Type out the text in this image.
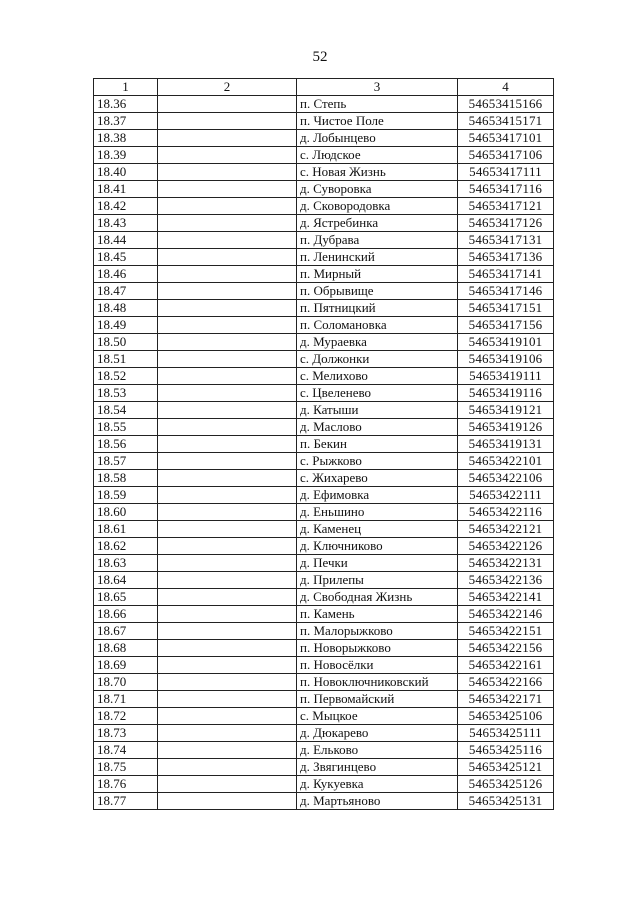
52
1	2	3	4
18.36		п. Степь	54653415166
18.37		п. Чистое Поле	54653415171
18.38		д. Лобынцево	54653417101
18.39		с. Людское	54653417106
18.40		с. Новая Жизнь	54653417111
18.41		д. Суворовка	54653417116
18.42		д. Сковородовка	54653417121
18.43		д. Ястребинка	54653417126
18.44		п. Дубрава	54653417131
18.45		п. Ленинский	54653417136
18.46		п. Мирный	54653417141
18.47		п. Обрывище	54653417146
18.48		п. Пятницкий	54653417151
18.49		п. Соломановка	54653417156
18.50		д. Мураевка	54653419101
18.51		с. Должонки	54653419106
18.52		с. Мелихово	54653419111
18.53		с. Цвеленево	54653419116
18.54		д. Катыши	54653419121
18.55		д. Маслово	54653419126
18.56		п. Бекин	54653419131
18.57		с. Рыжково	54653422101
18.58		с. Жихарево	54653422106
18.59		д. Ефимовка	54653422111
18.60		д. Еньшино	54653422116
18.61		д. Каменец	54653422121
18.62		д. Ключниково	54653422126
18.63		д. Печки	54653422131
18.64		д. Прилепы	54653422136
18.65		д. Свободная Жизнь	54653422141
18.66		п. Камень	54653422146
18.67		п. Малорыжково	54653422151
18.68		п. Новорыжково	54653422156
18.69		п. Новосёлки	54653422161
18.70		п. Новоключниковский	54653422166
18.71		п. Первомайский	54653422171
18.72		с. Мыцкое	54653425106
18.73		д. Дюкарево	54653425111
18.74		д. Ельково	54653425116
18.75		д. Звягинцево	54653425121
18.76		д. Кукуевка	54653425126
18.77		д. Мартьяново	54653425131
